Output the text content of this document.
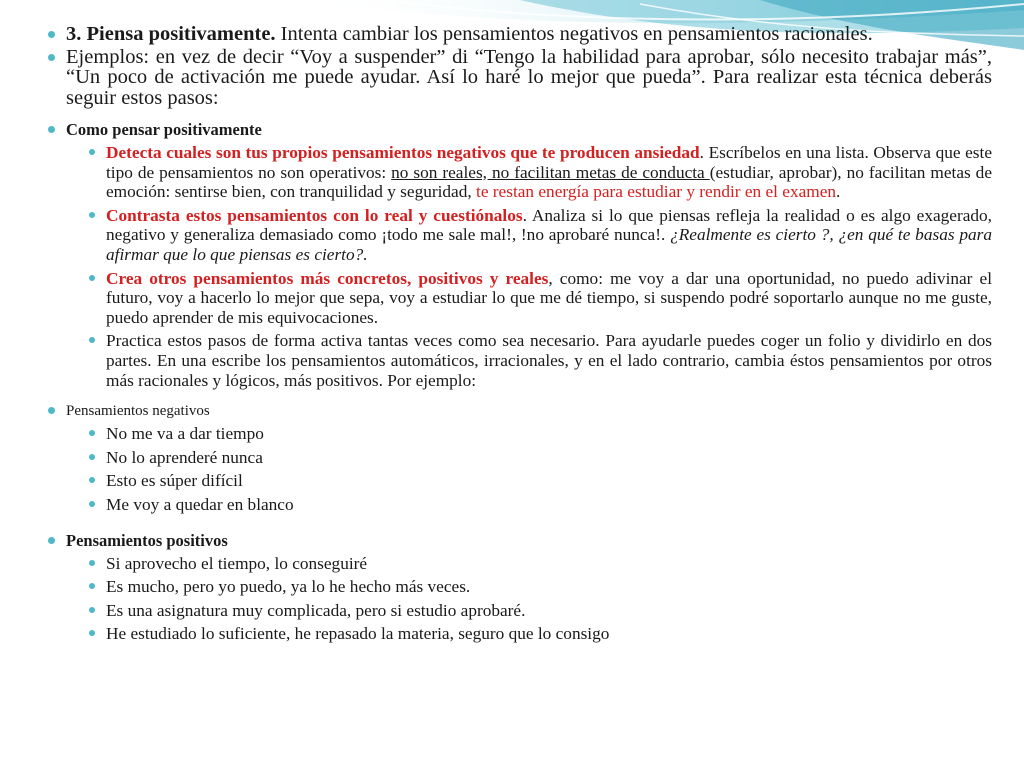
3. Piensa positivamente. Intenta cambiar los pensamientos negativos en pensamientos racionales.
Ejemplos: en vez de decir “Voy a suspender” di “Tengo la habilidad para aprobar, sólo necesito trabajar más”, “Un poco de activación me puede ayudar. Así lo haré lo mejor que pueda”. Para realizar esta técnica deberás seguir estos pasos:
Como pensar positivamente
Detecta cuales son tus propios pensamientos negativos que te producen ansiedad. Escríbelos en una lista. Observa que este tipo de pensamientos no son operativos: no son reales, no facilitan metas de conducta (estudiar, aprobar), no facilitan metas de emoción: sentirse bien, con tranquilidad y seguridad, te restan energía para estudiar y rendir en el examen.
Contrasta estos pensamientos con lo real y cuestiónalos. Analiza si lo que piensas refleja la realidad o es algo exagerado, negativo y generaliza demasiado como ¡todo me sale mal!, !no aprobaré nunca!. ¿Realmente es cierto ?, ¿en qué te basas para afirmar que lo que piensas es cierto?.
Crea otros pensamientos más concretos, positivos y reales, como: me voy a dar una oportunidad, no puedo adivinar el futuro, voy a hacerlo lo mejor que sepa, voy a estudiar lo que me dé tiempo, si suspendo podré soportarlo aunque no me guste, puedo aprender de mis equivocaciones.
Practica estos pasos de forma activa tantas veces como sea necesario. Para ayudarle puedes coger un folio y dividirlo en dos partes. En una escribe los pensamientos automáticos, irracionales, y en el lado contrario, cambia éstos pensamientos por otros más racionales y lógicos, más positivos. Por ejemplo:
Pensamientos negativos
No me va a dar tiempo
No lo aprenderé nunca
Esto es súper difícil
Me voy a quedar en blanco
Pensamientos positivos
Si aprovecho el tiempo, lo conseguiré
Es mucho, pero yo puedo, ya lo he hecho más veces.
Es una asignatura muy complicada, pero si estudio aprobaré.
He estudiado lo suficiente, he repasado la materia, seguro que lo consigo
